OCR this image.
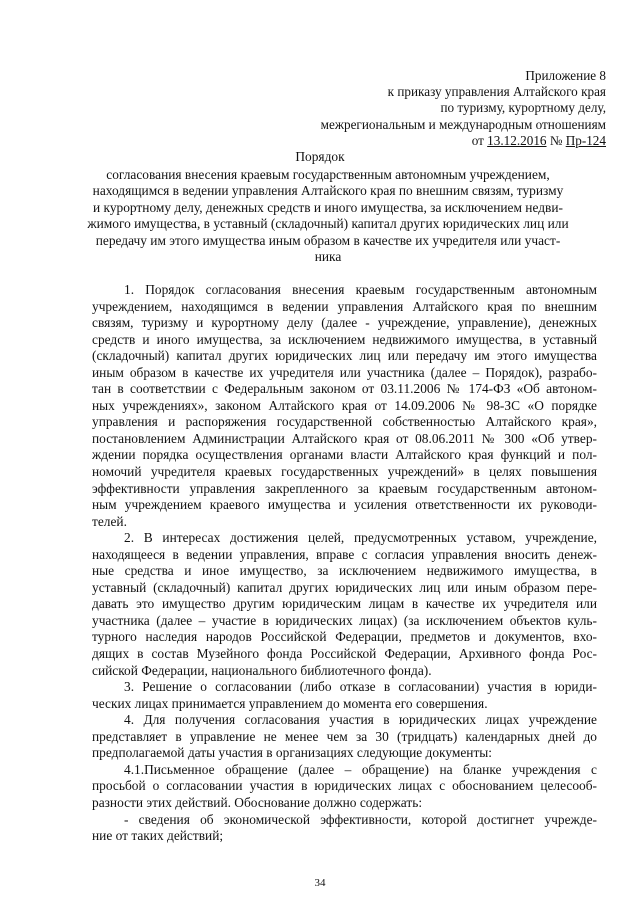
Приложение 8
к приказу управления Алтайского края
по туризму, курортному делу,
межрегиональным и международным отношениям
от 13.12.2016 № Пр-124
Порядок
согласования внесения краевым государственным автономным учреждением,
находящимся в ведении управления Алтайского края по внешним связям, туризму
и курортному делу, денежных средств и иного имущества, за исключением недви-
жимого имущества, в уставный (складочный) капитал других юридических лиц или
передачу им этого имущества иным образом в качестве их учредителя или участ-
ника
1. Порядок согласования внесения краевым государственным автономным
учреждением, находящимся в ведении управления Алтайского края по внешним
связям, туризму и курортному делу (далее - учреждение, управление), денежных
средств и иного имущества, за исключением недвижимого имущества, в уставный
(складочный) капитал других юридических лиц или передачу им этого имущества
иным образом в качестве их учредителя или участника (далее – Порядок), разрабо-
тан в соответствии с Федеральным законом от 03.11.2006 № 174-ФЗ «Об автоном-
ных учреждениях», законом Алтайского края от 14.09.2006 № 98-ЗС «О порядке
управления и распоряжения государственной собственностью Алтайского края»,
постановлением Администрации Алтайского края от 08.06.2011 № 300 «Об утвер-
ждении порядка осуществления органами власти Алтайского края функций и пол-
номочий учредителя краевых государственных учреждений» в целях повышения
эффективности управления закрепленного за краевым государственным автоном-
ным учреждением краевого имущества и усиления ответственности их руководи-
телей.
2. В интересах достижения целей, предусмотренных уставом, учреждение,
находящееся в ведении управления, вправе с согласия управления вносить денеж-
ные средства и иное имущество, за исключением недвижимого имущества, в
уставный (складочный) капитал других юридических лиц или иным образом пере-
давать это имущество другим юридическим лицам в качестве их учредителя или
участника (далее – участие в юридических лицах) (за исключением объектов куль-
турного наследия народов Российской Федерации, предметов и документов, вхо-
дящих в состав Музейного фонда Российской Федерации, Архивного фонда Рос-
сийской Федерации, национального библиотечного фонда).
3. Решение о согласовании (либо отказе в согласовании) участия в юриди-
ческих лицах принимается управлением до момента его совершения.
4. Для получения согласования участия в юридических лицах учреждение
представляет в управление не менее чем за 30 (тридцать) календарных дней до
предполагаемой даты участия в организациях следующие документы:
4.1.Письменное обращение (далее – обращение) на бланке учреждения с
просьбой о согласовании участия в юридических лицах с обоснованием целесооб-
разности этих действий. Обоснование должно содержать:
- сведения об экономической эффективности, которой достигнет учрежде-
ние от таких действий;
34
